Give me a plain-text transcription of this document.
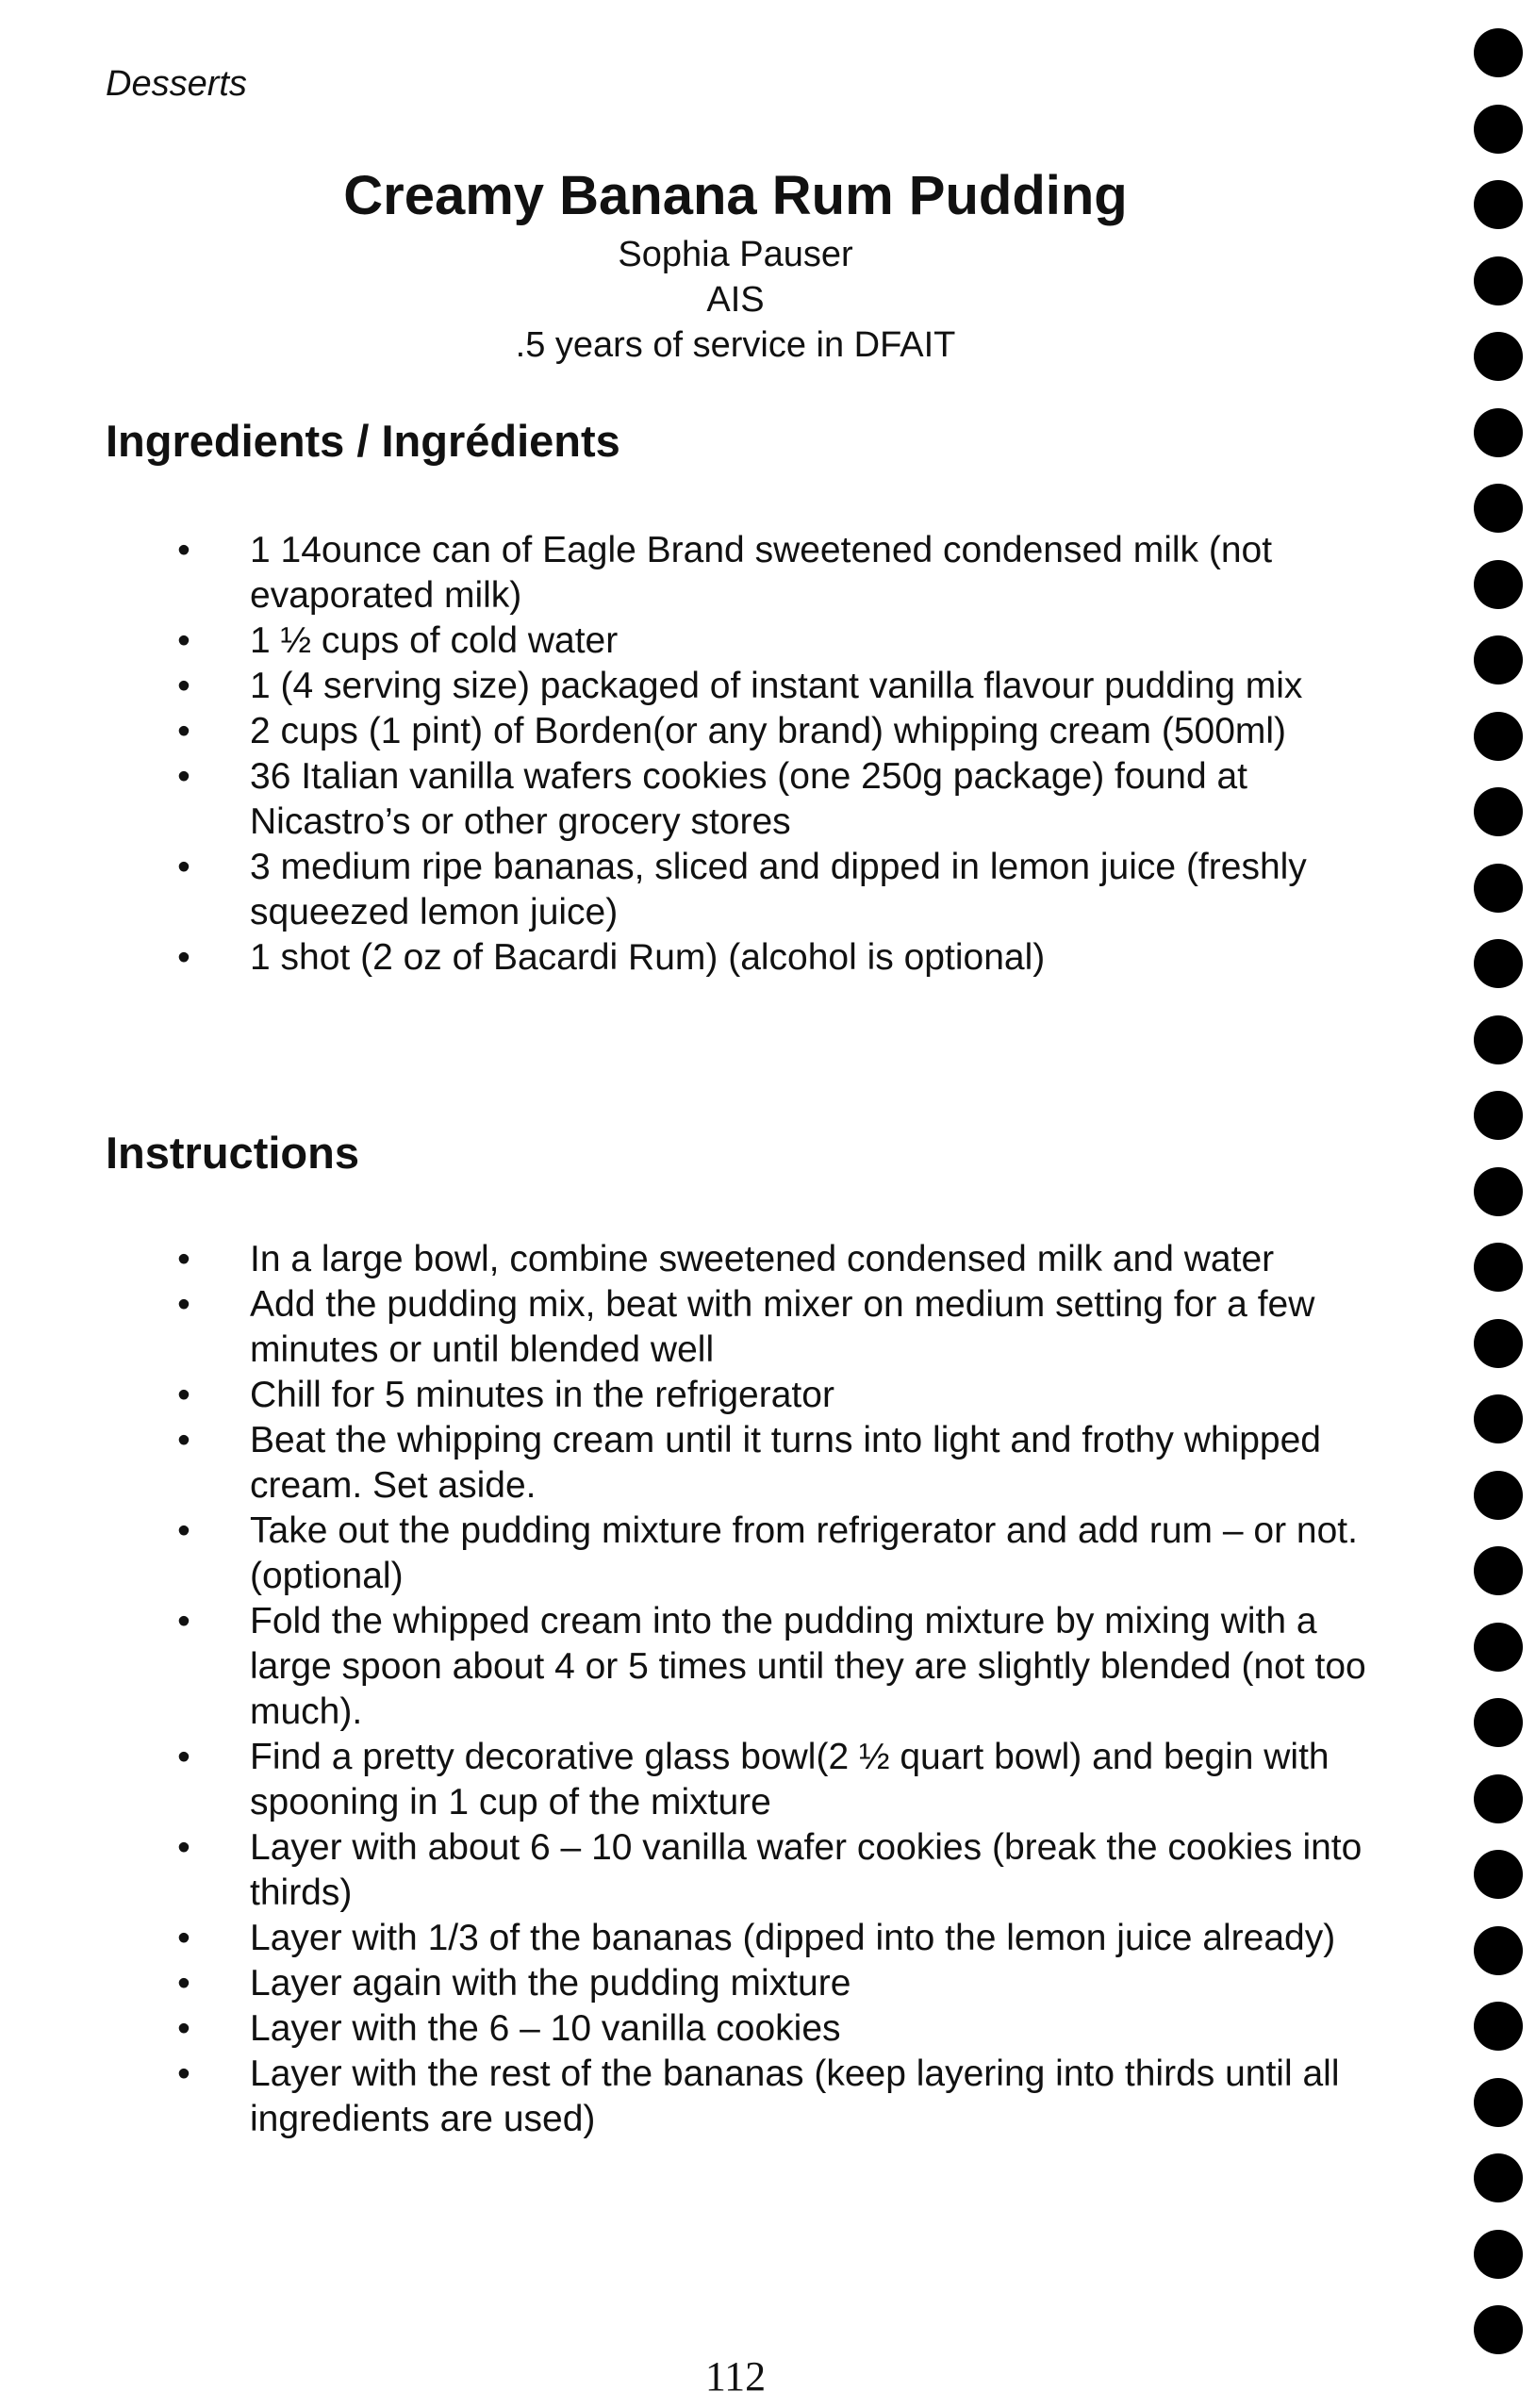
Desserts

Creamy Banana Rum Pudding

Sophia Pauser

AIS

.5 years of service in DFAIT

Ingredients / Ingrédients
• 1 14ounce can of Eagle Brand sweetened condensed milk (not evaporated milk)
• 1 ½ cups of cold water
• 1 (4 serving size) packaged of instant vanilla flavour pudding mix
• 2 cups (1 pint) of Borden(or any brand) whipping cream (500ml)
• 36 Italian vanilla wafers cookies (one 250g package) found at Nicastro’s or other grocery stores
• 3 medium ripe bananas, sliced and dipped in lemon juice (freshly squeezed lemon juice)
• 1 shot (2 oz of Bacardi Rum) (alcohol is optional)
Instructions
• In a large bowl, combine sweetened condensed milk and water
• Add the pudding mix, beat with mixer on medium setting for a few minutes or until blended well
• Chill for 5 minutes in the refrigerator
• Beat the whipping cream until it turns into light and frothy whipped cream. Set aside.
• Take out the pudding mixture from refrigerator and add rum – or not. (optional)
• Fold the whipped cream into the pudding mixture by mixing with a large spoon about 4 or 5 times until they are slightly blended (not too much).
• Find a pretty decorative glass bowl(2 ½ quart bowl) and begin with spooning in 1 cup of the mixture
• Layer with about 6 – 10 vanilla wafer cookies (break the cookies into thirds)
• Layer with 1/3 of the bananas (dipped into the lemon juice already)
• Layer again with the pudding mixture
• Layer with the 6 – 10 vanilla cookies
• Layer with the rest of the bananas (keep layering into thirds until all ingredients are used)
112
